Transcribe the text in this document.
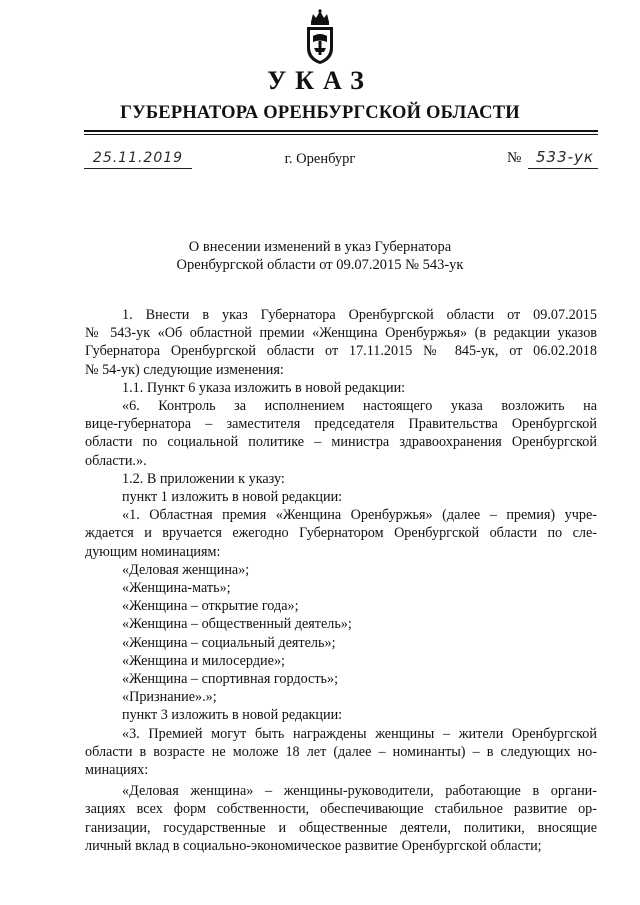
УКАЗ
ГУБЕРНАТОРА ОРЕНБУРГСКОЙ ОБЛАСТИ
25.11.2019	г. Оренбург	№ 533-ук
О внесении изменений в указ Губернатора
Оренбургской области от 09.07.2015 № 543-ук

1. Внести в указ Губернатора Оренбургской области от 09.07.2015

№ 543-ук «Об областной премии «Женщина Оренбуржья» (в редакции указов

Губернатора Оренбургской области от 17.11.2015 № 845-ук, от 06.02.2018

№ 54-ук) следующие изменения:

1.1. Пункт 6 указа изложить в новой редакции:

«6. Контроль за исполнением настоящего указа возложить на

вице-губернатора – заместителя председателя Правительства Оренбургской

области по социальной политике – министра здравоохранения Оренбургской

области.».

1.2. В приложении к указу:

пункт 1 изложить в новой редакции:

«1. Областная премия «Женщина Оренбуржья» (далее – премия) учре-

ждается и вручается ежегодно Губернатором Оренбургской области по сле-

дующим номинациям:

«Деловая женщина»;

«Женщина-мать»;

«Женщина – открытие года»;

«Женщина – общественный деятель»;

«Женщина – социальный деятель»;

«Женщина и милосердие»;

«Женщина – спортивная гордость»;

«Признание».»;

пункт 3 изложить в новой редакции:

«3. Премией могут быть награждены женщины – жители Оренбургской

области в возрасте не моложе 18 лет (далее – номинанты) – в следующих но-

минациях:

«Деловая женщина» – женщины-руководители, работающие в органи-

зациях всех форм собственности, обеспечивающие стабильное развитие ор-

ганизации, государственные и общественные деятели, политики, вносящие

личный вклад в социально-экономическое развитие Оренбургской области;
